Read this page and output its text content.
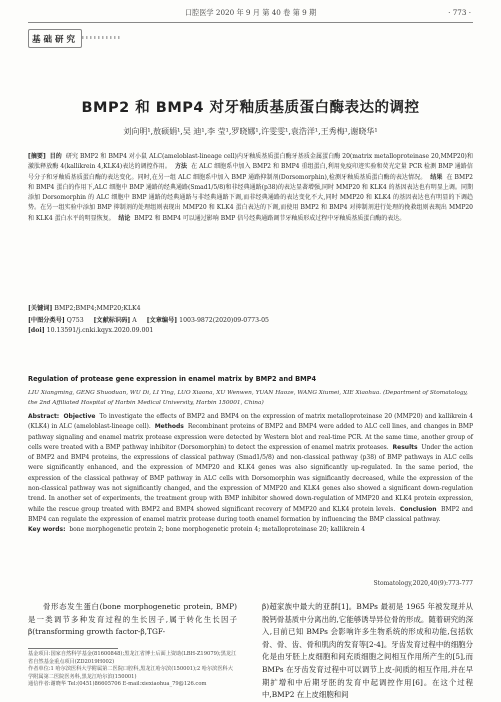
口腔医学 2020 年 9 月 第 40 卷 第 9 期	· 773 ·
基础研究
BMP2 和 BMP4 对牙釉质基质蛋白酶表达的调控
刘向明¹,敖硕娟¹,吴 迪¹,李 莹¹,罗晓娜¹,许雯雯¹,袁浩洋¹,王秀梅¹,谢晓华¹
[摘要] 目的 研究 BMP2 和 BMP4 对小鼠 ALC(ameloblast-lineage cell)内牙釉质基质蛋白酶牙基质金属蛋白酶 20(matrix metalloproteinase 20,MMP20)和激肽释放酶 4(kallikrein 4,KLK4)表达的调控作用。 方法 在 ALC 细胞系中加入 BMP2 和 BMP4 重组蛋白,利用免疫印迹实验和荧光定量 PCR 检测 BMP 通路信号分子和牙釉质基质蛋白酶的表达变化。同时,在另一组 ALC 细胞系中加入 BMP 通路抑制剂(Dorsomorphin),检测牙釉质基质蛋白酶的表达情况。 结果 在 BMP2 和 BMP4 蛋白的作用下,ALC 细胞中 BMP 通路的经典通路(Smad1/5/8)和非经典通路(p38)的表达显著增强,同时 MMP20 和 KLK4 的基因表达也有明显上调。同期添加 Dorsomorphin 的 ALC 细胞中 BMP 通路的经典通路与非经典通路下调,而非经典通路的表达变化不大,同时 MMP20 和 KLK4 的基因表达也有明显的下调趋势。在另一组实验中添加 BMP 抑制剂的处理组则表现出 MMP20 和 KLK4 蛋白表达的下调,而使用 BMP2 和 BMP4 对抑制剂进行处理的挽救组则表现出 MMP20 和 KLK4 蛋白水平的明显恢复。 结论 BMP2 和 BMP4 可以通过影响 BMP 信号经典通路调节牙釉质形成过程中牙釉质基质蛋白酶的表达。
[关键词] BMP2;BMP4;MMP20;KLK4
[中图分类号] Q753 [文献标识码] A [文章编号] 1003-9872(2020)09-0773-05
[doi] 10.13591/j.cnki.kqyx.2020.09.001
Regulation of protease gene expression in enamel matrix by BMP2 and BMP4
LIU Xiangming, GENG Shuoduan, WU Di, LI Ying, LUO Xiaona, XU Wenwen, YUAN Haoze, WANG Xiumei, XIE Xiaohua. (Department of Stomatology, the 2nd Affiliated Hospital of Harbin Medical University, Harbin 150001, China)
Abstract: Objective To investigate the effects of BMP2 and BMP4 on the expression of matrix metalloproteinase 20 (MMP20) and kallikrein 4 (KLK4) in ALC (ameloblast-lineage cell). Methods Recombinant proteins of BMP2 and BMP4 were added to ALC cell lines, and changes in BMP pathway signaling and enamel matrix protease expression were detected by Western blot and real-time PCR. At the same time, another group of cells were treated with a BMP pathway inhibitor (Dorsomorphin) to detect the expression of enamel matrix proteases. Results Under the action of BMP2 and BMP4 proteins, the expressions of classical pathway (Smad1/5/8) and non-classical pathway (p38) of BMP pathways in ALC cells were significantly enhanced, and the expression of MMP20 and KLK4 genes was also significantly up-regulated. In the same period, the expression of the classical pathway of BMP pathway in ALC cells with Dorsomorphin was significantly decreased, while the expression of the non-classical pathway was not significantly changed, and the expression of MMP20 and KLK4 genes also showed a significant down-regulation trend. In another set of experiments, the treatment group with BMP inhibitor showed down-regulation of MMP20 and KLK4 protein expression, while the rescue group treated with BMP2 and BMP4 showed significant recovery of MMP20 and KLK4 protein levels. Conclusion BMP2 and BMP4 can regulate the expression of enamel matrix protease during tooth enamel formation by influencing the BMP classical pathway.
Key words: bone morphogenetic protein 2; bone morphogenetic protein 4; metalloproteinase 20; kallikrein 4
Stomatology,2020,40(9):773-777
骨形态发生蛋白(bone morphogenetic protein, BMP)是一类调节多种发育过程的生长因子,属于转化生长因子 β(transforming growth factor-β,TGF-
β)超家族中最大的亚群[1]。BMPs 最初是 1965 年被发现并从脱钙骨基质中分离出的,它能够诱导异位骨的形成。随着研究的深入,目前已知 BMPs 会影响许多生物系统的形成和功能,包括软骨、骨、齿、骨和肌肉的发育等[2-4]。牙齿发育过程中的细胞分化是由牙胚上皮细胞和间充质细胞之间相互作用所产生的[5],而 BMPs 在牙齿发育过程中可以调节上皮-间质的相互作用,并在早期扩增和中后期牙胚的发育中起调控作用[6]。在这个过程中,BMP2 在上皮细胞和间
基金项目:国家自然科学基金(81600848);黑龙江省博士后面上资助(LBH-Z19079);黑龙江省自然基金重点项目(ZD2019H002)
作者单位:1 哈尔滨医科大学附属第二医院口腔科,黑龙江哈尔滨(150001);2 哈尔滨医科大学附属第二医院医务科,黑龙江哈尔滨(150001)
通信作者:谢晓华 Tel:(0451)86605706 E-mail:xiexiaohua_79@126.com
